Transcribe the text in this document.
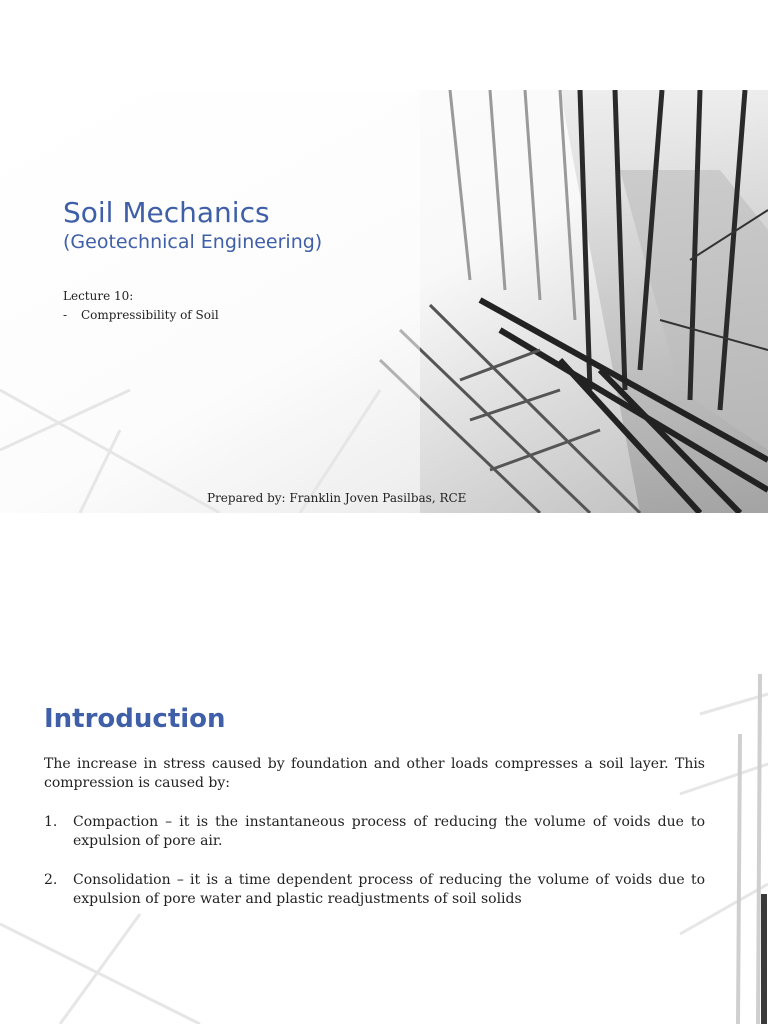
Soil Mechanics
(Geotechnical Engineering)
Lecture 10:
- Compressibility of Soil
Prepared by: Franklin Joven Pasilbas, RCE
Introduction
The increase in stress caused by foundation and other loads compresses a soil layer. This compression is caused by:
1.	Compaction – it is the instantaneous process of reducing the volume of voids due to expulsion of pore air.
2.	Consolidation – it is a time dependent process of reducing the volume of voids due to expulsion of pore water and plastic readjustments of soil solids
